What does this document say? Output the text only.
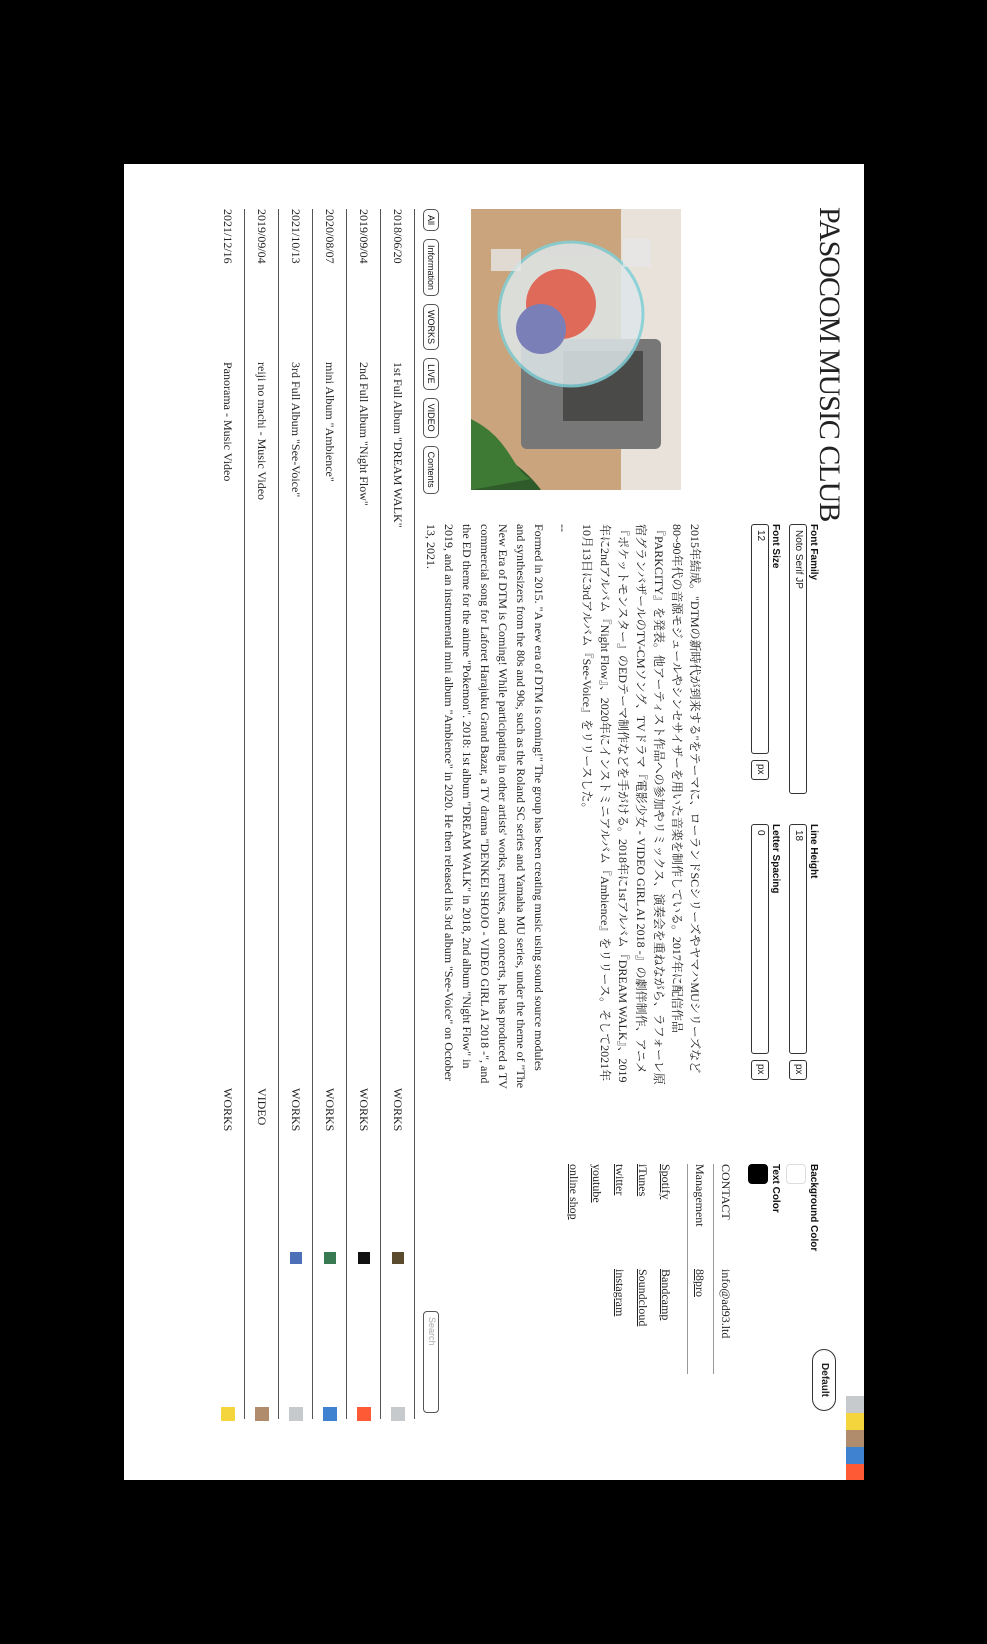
PASOCOM MUSIC CLUB
Font Family
Noto Serif JP
Line Height
18
px
Font Size
12
px
Letter Spacing
0
px
Background Color
Text Color
Default

2015年結成。"DTMの新時代が到来する"をテーマに、ローランドSCシリーズやヤマハMUシリーズなど80~90年代の音源モジュールやシンセサイザーを用いた音楽を制作している。2017年に配信作品『PARKCITY』を発表。他アーティスト作品への参加やリミックス、演奏会を重ねながら、ラフォーレ原宿グランバザールのTV-CMソング、TVドラマ『電影少女 - VIDEO GIRL AI 2018 -』の劇伴制作、アニメ『ポケットモンスター』のEDテーマ制作などを手がける。2018年に1stアルバム『DREAM WALK』、2019年に2ndアルバム『Night Flow』、2020年にインストミニアルバム『Ambience』をリリース。そして2021年10月13日に3rdアルバム『See-Voice』をリリースした。

--

Formed in 2015. "A new era of DTM is coming!" The group has been creating music using sound source modules and synthesizers from the 80s and 90s, such as the Roland SC series and Yamaha MU series, under the theme of "The New Era of DTM is Coming! While participating in other artists' works, remixes, and concerts, he has produced a TV commercial song for Laforet Harajuku Grand Bazar, a TV drama "DENKEI SHOJO - VIDEO GIRL AI 2018 -", and the ED theme for the anime "Pokemon". 2018: 1st album "DREAM WALK" in 2018, 2nd album "Night Flow" in 2019, and an instrumental mini album "Ambience" in 2020. He then released his 3rd album "See-Voice" on October 13, 2021.

CONTACT
info@ad93.ltd
Management
88pro
Spotify
Bandcamp
iTunes
Soundcloud
twitter
instagram
youtube
online shop
All
Information
WORKS
LIVE
VIDEO
Contents
Search
2018/06/20
1st Full Album "DREAM WALK"
WORKS
2019/09/04
2nd Full Album "Night Flow"
WORKS
2020/08/07
mini Album "Ambience"
WORKS
2021/10/13
3rd Full Album "See-Voice"
WORKS
2019/09/04
reiji no machi - Music Video
VIDEO
2021/12/16
Panorama - Music Video
WORKS
